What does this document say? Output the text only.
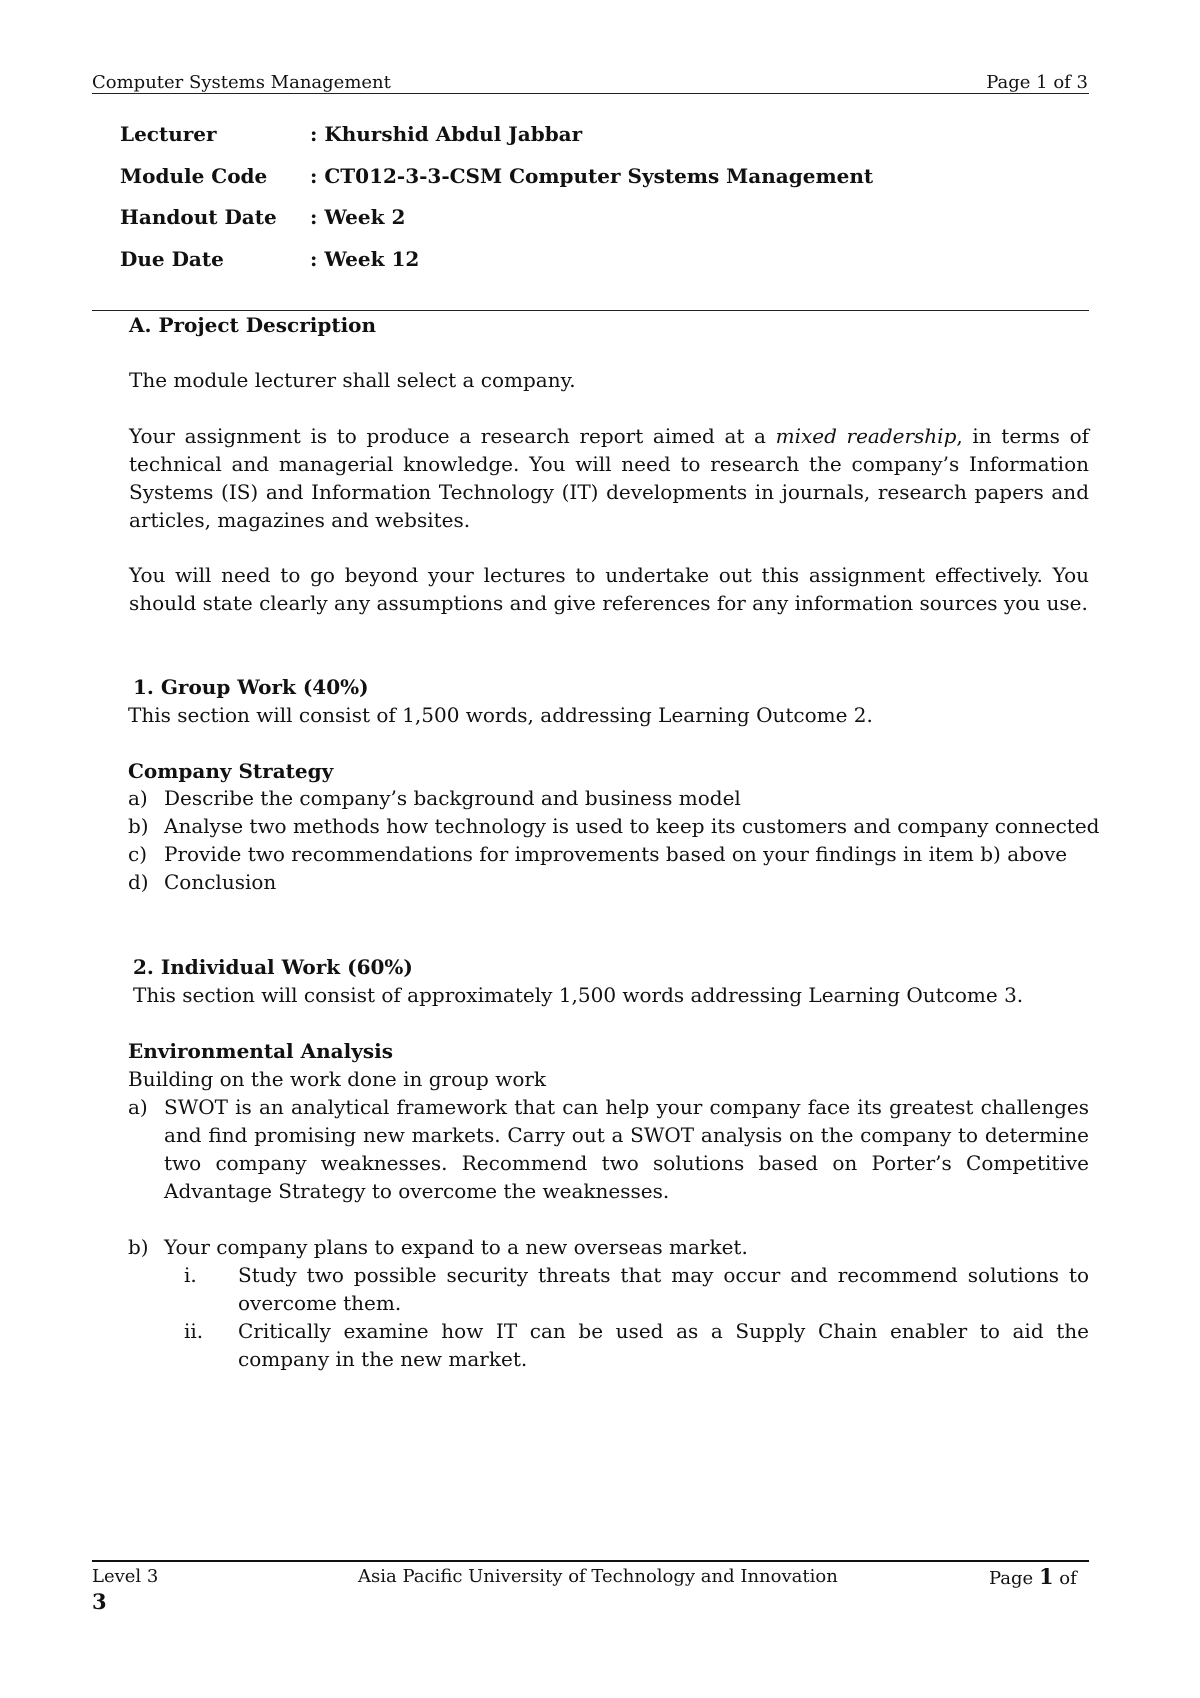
Computer Systems Management	Page 1 of 3
Lecturer	: Khurshid Abdul Jabbar
Module Code	: CT012-3-3-CSM Computer Systems Management
Handout Date	: Week 2
Due Date	: Week 12
A. Project Description
The module lecturer shall select a company.
Your assignment is to produce a research report aimed at a mixed readership, in terms of technical and managerial knowledge. You will need to research the company’s Information Systems (IS) and Information Technology (IT) developments in journals, research papers and articles, magazines and websites.
You will need to go beyond your lectures to undertake out this assignment effectively. You should state clearly any assumptions and give references for any information sources you use.
1. Group Work (40%)
This section will consist of 1,500 words, addressing Learning Outcome 2.
Company Strategy
a) Describe the company’s background and business model
b) Analyse two methods how technology is used to keep its customers and company connected
c) Provide two recommendations for improvements based on your findings in item b) above
d) Conclusion
2. Individual Work (60%)
This section will consist of approximately 1,500 words addressing Learning Outcome 3.
Environmental Analysis
Building on the work done in group work
a) SWOT is an analytical framework that can help your company face its greatest challenges and find promising new markets. Carry out a SWOT analysis on the company to determine two company weaknesses. Recommend two solutions based on Porter’s Competitive Advantage Strategy to overcome the weaknesses.
b) Your company plans to expand to a new overseas market.
i. Study two possible security threats that may occur and recommend solutions to overcome them.
ii. Critically examine how IT can be used as a Supply Chain enabler to aid the company in the new market.
Level 3	Asia Pacific University of Technology and Innovation	Page 1 of
3
